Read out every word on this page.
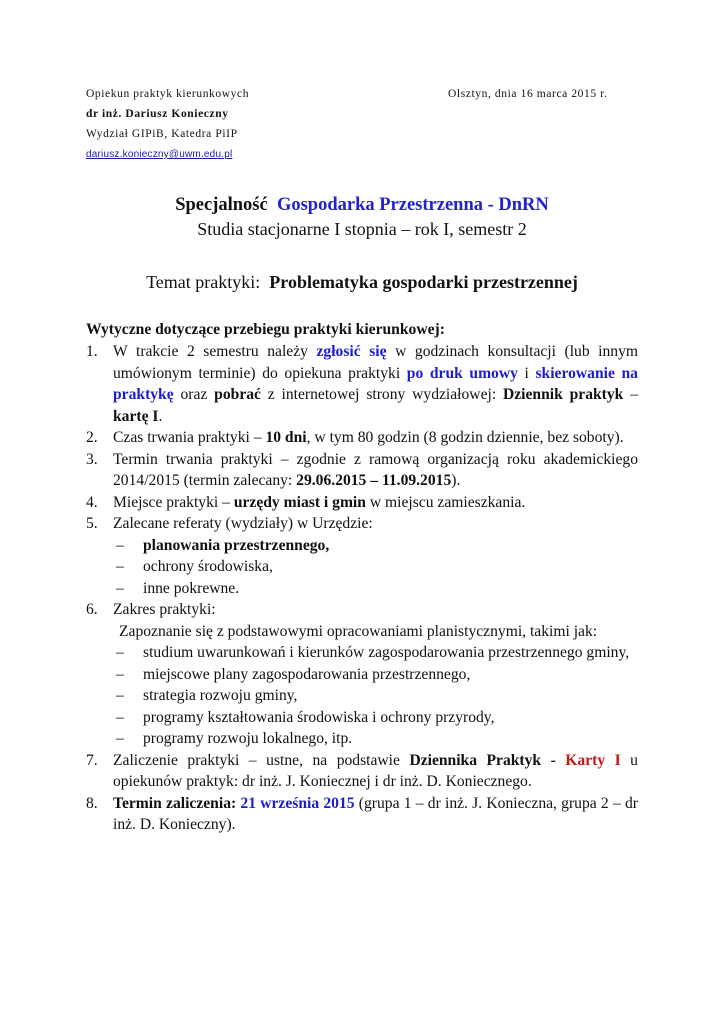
Opiekun praktyk kierunkowych
dr inż. Dariusz Konieczny
Wydział GIPiB, Katedra PiIP
dariusz.konieczny@uwm.edu.pl
Olsztyn, dnia 16 marca 2015 r.
Specjalność Gospodarka Przestrzenna - DnRN
Studia stacjonarne I stopnia – rok I, semestr 2
Temat praktyki: Problematyka gospodarki przestrzennej
Wytyczne dotyczące przebiegu praktyki kierunkowej:
1. W trakcie 2 semestru należy zgłosić się w godzinach konsultacji (lub innym umówionym terminie) do opiekuna praktyki po druk umowy i skierowanie na praktykę oraz pobrać z internetowej strony wydziałowej: Dziennik praktyk – kartę I.
2. Czas trwania praktyki – 10 dni, w tym 80 godzin (8 godzin dziennie, bez soboty).
3. Termin trwania praktyki – zgodnie z ramową organizacją roku akademickiego 2014/2015 (termin zalecany: 29.06.2015 – 11.09.2015).
4. Miejsce praktyki – urzędy miast i gmin w miejscu zamieszkania.
5. Zalecane referaty (wydziały) w Urzędzie:
– planowania przestrzennego,
– ochrony środowiska,
– inne pokrewne.
6. Zakres praktyki:
Zapoznanie się z podstawowymi opracowaniami planistycznymi, takimi jak:
– studium uwarunkowań i kierunków zagospodarowania przestrzennego gminy,
– miejscowe plany zagospodarowania przestrzennego,
– strategia rozwoju gminy,
– programy kształtowania środowiska i ochrony przyrody,
– programy rozwoju lokalnego, itp.
7. Zaliczenie praktyki – ustne, na podstawie Dziennika Praktyk - Karty I u opiekunów praktyk: dr inż. J. Koniecznej i dr inż. D. Koniecznego.
8. Termin zaliczenia: 21 września 2015 (grupa 1 – dr inż. J. Konieczna, grupa 2 – dr inż. D. Konieczny).
